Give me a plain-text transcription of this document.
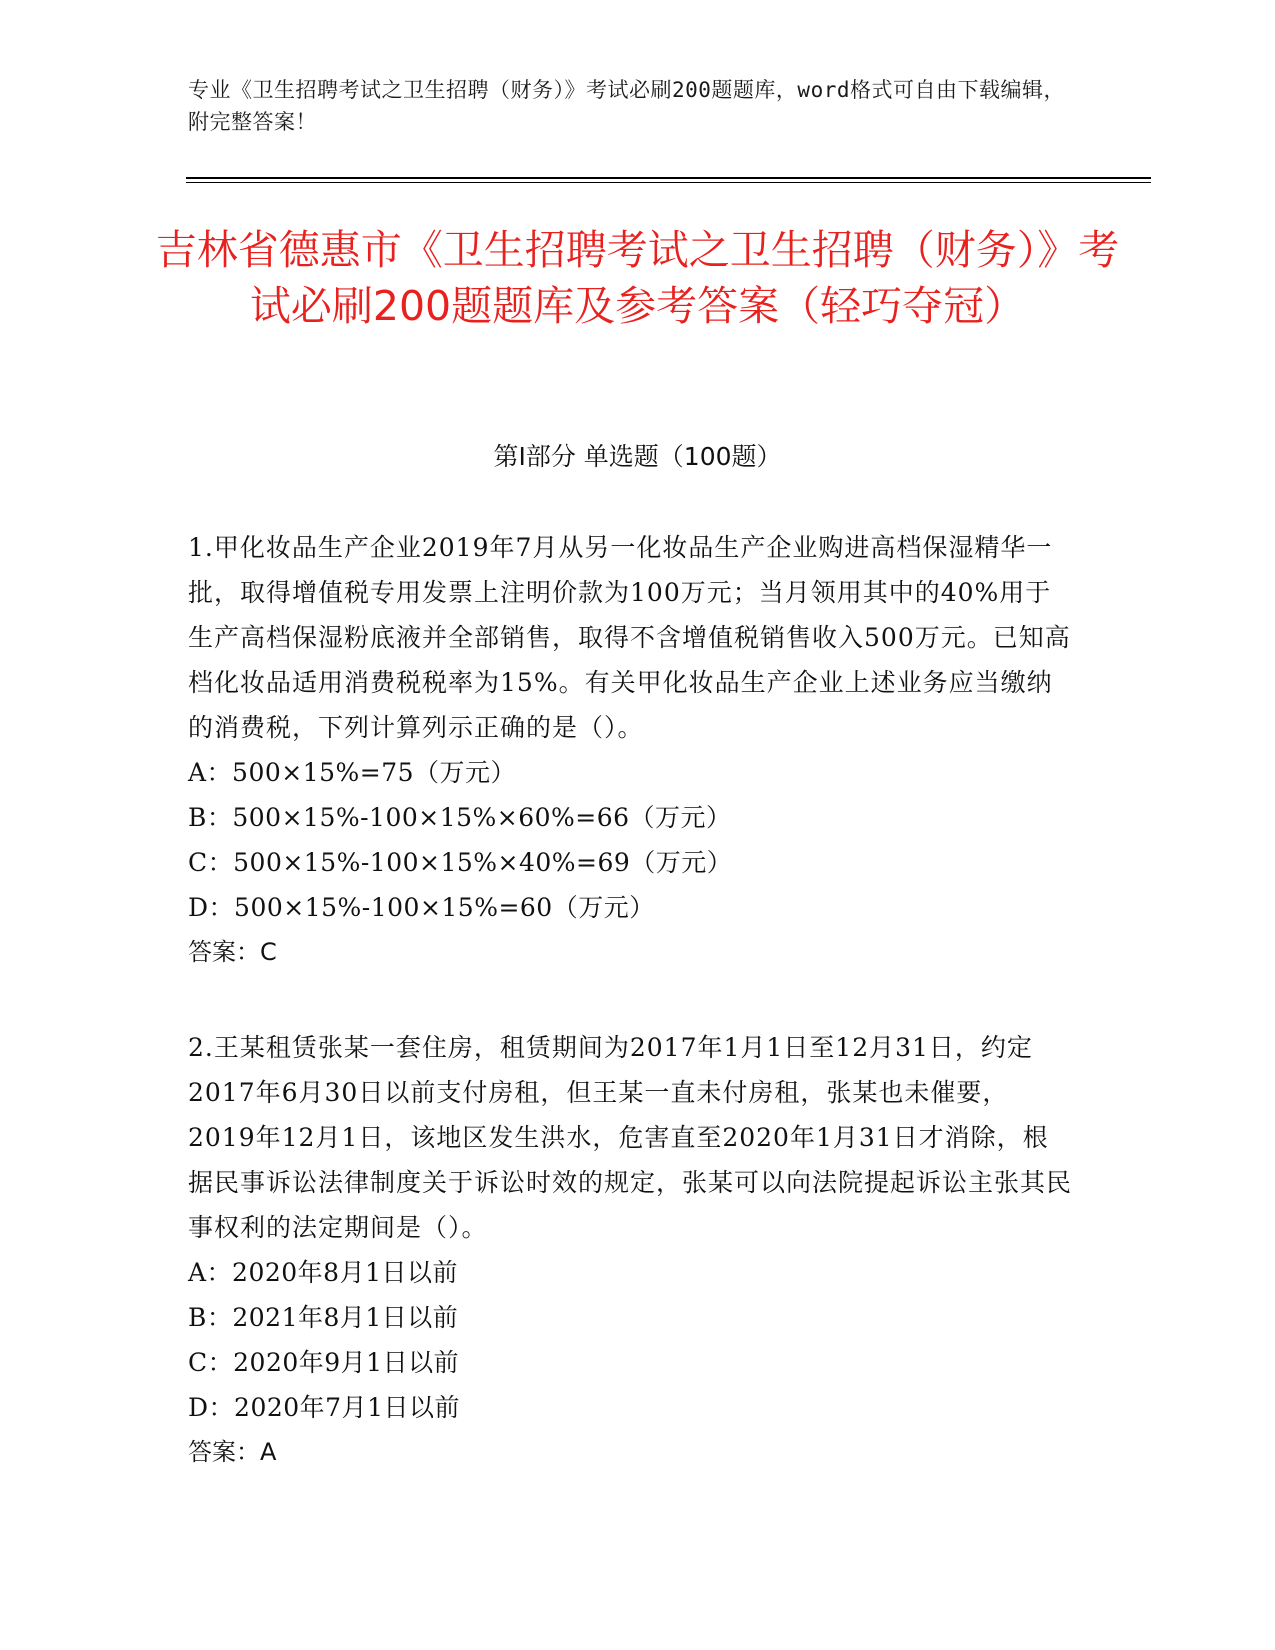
专业《卫生招聘考试之卫生招聘（财务）》考试必刷200题题库，word格式可自由下载编辑，附完整答案！
吉林省德惠市《卫生招聘考试之卫生招聘（财务）》考试必刷200题题库及参考答案（轻巧夺冠）
第Ⅰ部分 单选题（100题）

1.甲化妆品生产企业2019年7月从另一化妆品生产企业购进高档保湿精华一批，取得增值税专用发票上注明价款为100万元；当月领用其中的40%用于生产高档保湿粉底液并全部销售，取得不含增值税销售收入500万元。已知高档化妆品适用消费税税率为15%。有关甲化妆品生产企业上述业务应当缴纳的消费税，下列计算列示正确的是（）。

A：500×15%=75（万元）

B：500×15%-100×15%×60%=66（万元）

C：500×15%-100×15%×40%=69（万元）

D：500×15%-100×15%=60（万元）

答案：C

2.王某租赁张某一套住房，租赁期间为2017年1月1日至12月31日，约定2017年6月30日以前支付房租，但王某一直未付房租，张某也未催要，2019年12月1日，该地区发生洪水，危害直至2020年1月31日才消除，根据民事诉讼法律制度关于诉讼时效的规定，张某可以向法院提起诉讼主张其民事权利的法定期间是（）。

A：2020年8月1日以前

B：2021年8月1日以前

C：2020年9月1日以前

D：2020年7月1日以前

答案：A
